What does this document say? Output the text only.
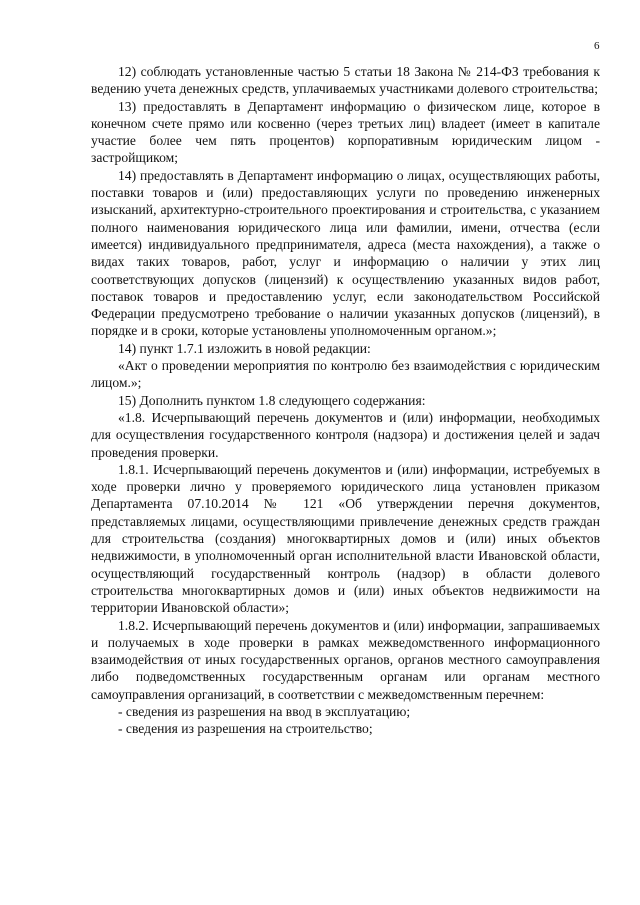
6

12) соблюдать установленные частью 5 статьи 18 Закона № 214-ФЗ требования к ведению учета денежных средств, уплачиваемых участниками долевого строительства;

13) предоставлять в Департамент информацию о физическом лице, которое в конечном счете прямо или косвенно (через третьих лиц) владеет (имеет в капитале участие более чем пять процентов) корпоративным юридическим лицом - застройщиком;

14) предоставлять в Департамент информацию о лицах, осуществляющих работы, поставки товаров и (или) предоставляющих услуги по проведению инженерных изысканий, архитектурно-строительного проектирования и строительства, с указанием полного наименования юридического лица или фамилии, имени, отчества (если имеется) индивидуального предпринимателя, адреса (места нахождения), а также о видах таких товаров, работ, услуг и информацию о наличии у этих лиц соответствующих допусков (лицензий) к осуществлению указанных видов работ, поставок товаров и предоставлению услуг, если законодательством Российской Федерации предусмотрено требование о наличии указанных допусков (лицензий), в порядке и в сроки, которые установлены уполномоченным органом.»;

14) пункт 1.7.1 изложить в новой редакции:

«Акт о проведении мероприятия по контролю без взаимодействия с юридическим лицом.»;

15) Дополнить пунктом 1.8 следующего содержания:

«1.8. Исчерпывающий перечень документов и (или) информации, необходимых для осуществления государственного контроля (надзора) и достижения целей и задач проведения проверки.

1.8.1. Исчерпывающий перечень документов и (или) информации, истребуемых в ходе проверки лично у проверяемого юридического лица установлен приказом Департамента 07.10.2014 № 121 «Об утверждении перечня документов, представляемых лицами, осуществляющими привлечение денежных средств граждан для строительства (создания) многоквартирных домов и (или) иных объектов недвижимости, в уполномоченный орган исполнительной власти Ивановской области, осуществляющий государственный контроль (надзор) в области долевого строительства многоквартирных домов и (или) иных объектов недвижимости на территории Ивановской области»;

1.8.2. Исчерпывающий перечень документов и (или) информации, запрашиваемых и получаемых в ходе проверки в рамках межведомственного информационного взаимодействия от иных государственных органов, органов местного самоуправления либо подведомственных государственным органам или органам местного самоуправления организаций, в соответствии с межведомственным перечнем:

- сведения из разрешения на ввод в эксплуатацию;

- сведения из разрешения на строительство;
